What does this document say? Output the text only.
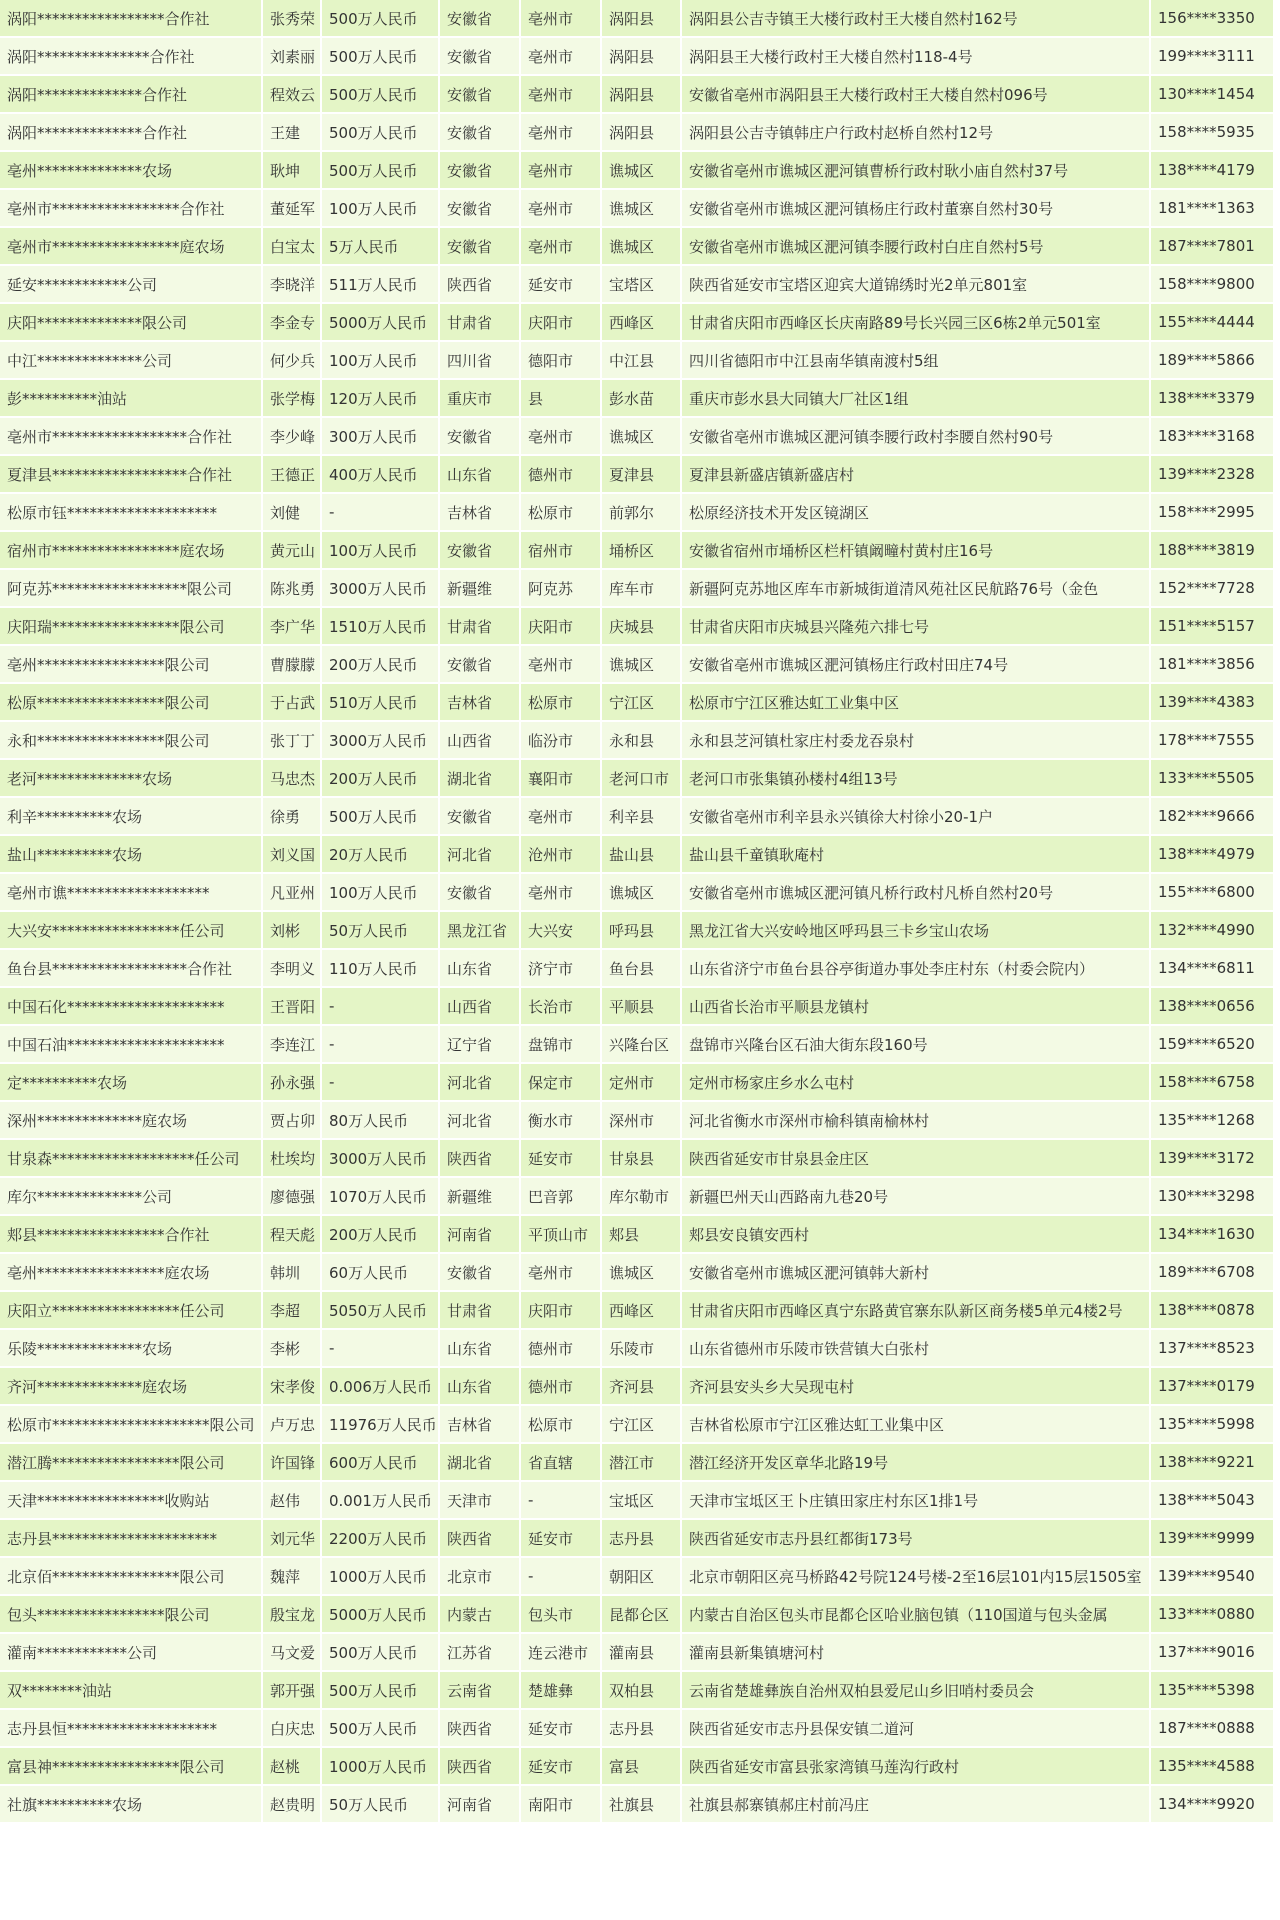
涡阳*****************合作社	张秀荣	500万人民币	安徽省	亳州市	涡阳县	涡阳县公吉寺镇王大楼行政村王大楼自然村162号	156****3350
涡阳***************合作社	刘素丽	500万人民币	安徽省	亳州市	涡阳县	涡阳县王大楼行政村王大楼自然村118-4号	199****3111
涡阳**************合作社	程效云	500万人民币	安徽省	亳州市	涡阳县	安徽省亳州市涡阳县王大楼行政村王大楼自然村096号	130****1454
涡阳**************合作社	王建	500万人民币	安徽省	亳州市	涡阳县	涡阳县公吉寺镇韩庄户行政村赵桥自然村12号	158****5935
亳州**************农场	耿坤	500万人民币	安徽省	亳州市	谯城区	安徽省亳州市谯城区淝河镇曹桥行政村耿小庙自然村37号	138****4179
亳州市*****************合作社	董延军	100万人民币	安徽省	亳州市	谯城区	安徽省亳州市谯城区淝河镇杨庄行政村董寨自然村30号	181****1363
亳州市*****************庭农场	白宝太	5万人民币	安徽省	亳州市	谯城区	安徽省亳州市谯城区淝河镇李腰行政村白庄自然村5号	187****7801
延安************公司	李晓洋	511万人民币	陕西省	延安市	宝塔区	陕西省延安市宝塔区迎宾大道锦绣时光2单元801室	158****9800
庆阳**************限公司	李金专	5000万人民币	甘肃省	庆阳市	西峰区	甘肃省庆阳市西峰区长庆南路89号长兴园三区6栋2单元501室	155****4444
中江**************公司	何少兵	100万人民币	四川省	德阳市	中江县	四川省德阳市中江县南华镇南渡村5组	189****5866
彭**********油站	张学梅	120万人民币	重庆市	县	彭水苗	重庆市彭水县大同镇大厂社区1组	138****3379
亳州市******************合作社	李少峰	300万人民币	安徽省	亳州市	谯城区	安徽省亳州市谯城区淝河镇李腰行政村李腰自然村90号	183****3168
夏津县******************合作社	王德正	400万人民币	山东省	德州市	夏津县	夏津县新盛店镇新盛店村	139****2328
松原市钰********************	刘健	-	吉林省	松原市	前郭尔	松原经济技术开发区镜湖区	158****2995
宿州市*****************庭农场	黄元山	100万人民币	安徽省	宿州市	埇桥区	安徽省宿州市埇桥区栏杆镇阚疃村黄村庄16号	188****3819
阿克苏******************限公司	陈兆勇	3000万人民币	新疆维	阿克苏	库车市	新疆阿克苏地区库车市新城街道清风苑社区民航路76号（金色	152****7728
庆阳瑞*****************限公司	李广华	1510万人民币	甘肃省	庆阳市	庆城县	甘肃省庆阳市庆城县兴隆苑六排七号	151****5157
亳州*****************限公司	曹朦朦	200万人民币	安徽省	亳州市	谯城区	安徽省亳州市谯城区淝河镇杨庄行政村田庄74号	181****3856
松原*****************限公司	于占武	510万人民币	吉林省	松原市	宁江区	松原市宁江区雅达虹工业集中区	139****4383
永和*****************限公司	张丁丁	3000万人民币	山西省	临汾市	永和县	永和县芝河镇杜家庄村委龙吞泉村	178****7555
老河**************农场	马忠杰	200万人民币	湖北省	襄阳市	老河口市	老河口市张集镇孙楼村4组13号	133****5505
利辛**********农场	徐勇	500万人民币	安徽省	亳州市	利辛县	安徽省亳州市利辛县永兴镇徐大村徐小20-1户	182****9666
盐山**********农场	刘义国	20万人民币	河北省	沧州市	盐山县	盐山县千童镇耿庵村	138****4979
亳州市谯*******************	凡亚州	100万人民币	安徽省	亳州市	谯城区	安徽省亳州市谯城区淝河镇凡桥行政村凡桥自然村20号	155****6800
大兴安*****************任公司	刘彬	50万人民币	黑龙江省	大兴安	呼玛县	黑龙江省大兴安岭地区呼玛县三卡乡宝山农场	132****4990
鱼台县******************合作社	李明义	110万人民币	山东省	济宁市	鱼台县	山东省济宁市鱼台县谷亭街道办事处李庄村东（村委会院内）	134****6811
中国石化*********************	王晋阳	-	山西省	长治市	平顺县	山西省长治市平顺县龙镇村	138****0656
中国石油*********************	李连江	-	辽宁省	盘锦市	兴隆台区	盘锦市兴隆台区石油大街东段160号	159****6520
定**********农场	孙永强	-	河北省	保定市	定州市	定州市杨家庄乡水么屯村	158****6758
深州**************庭农场	贾占卯	80万人民币	河北省	衡水市	深州市	河北省衡水市深州市榆科镇南榆林村	135****1268
甘泉森*******************任公司	杜埃均	3000万人民币	陕西省	延安市	甘泉县	陕西省延安市甘泉县金庄区	139****3172
库尔**************公司	廖德强	1070万人民币	新疆维	巴音郭	库尔勒市	新疆巴州天山西路南九巷20号	130****3298
郏县*****************合作社	程天彪	200万人民币	河南省	平顶山市	郏县	郏县安良镇安西村	134****1630
亳州*****************庭农场	韩圳	60万人民币	安徽省	亳州市	谯城区	安徽省亳州市谯城区淝河镇韩大新村	189****6708
庆阳立*****************任公司	李超	5050万人民币	甘肃省	庆阳市	西峰区	甘肃省庆阳市西峰区真宁东路黄官寨东队新区商务楼5单元4楼2号	138****0878
乐陵**************农场	李彬	-	山东省	德州市	乐陵市	山东省德州市乐陵市铁营镇大白张村	137****8523
齐河**************庭农场	宋孝俊	0.006万人民币	山东省	德州市	齐河县	齐河县安头乡大吴现屯村	137****0179
松原市*********************限公司	卢万忠	11976万人民币	吉林省	松原市	宁江区	吉林省松原市宁江区雅达虹工业集中区	135****5998
潜江腾*****************限公司	许国锋	600万人民币	湖北省	省直辖	潜江市	潜江经济开发区章华北路19号	138****9221
天津*****************收购站	赵伟	0.001万人民币	天津市	-	宝坻区	天津市宝坻区王卜庄镇田家庄村东区1排1号	138****5043
志丹县**********************	刘元华	2200万人民币	陕西省	延安市	志丹县	陕西省延安市志丹县红都街173号	139****9999
北京佰*****************限公司	魏萍	1000万人民币	北京市	-	朝阳区	北京市朝阳区亮马桥路42号院124号楼-2至16层101内15层1505室	139****9540
包头*****************限公司	殷宝龙	5000万人民币	内蒙古	包头市	昆都仑区	内蒙古自治区包头市昆都仑区哈业脑包镇（110国道与包头金属	133****0880
灌南************公司	马文爱	500万人民币	江苏省	连云港市	灌南县	灌南县新集镇塘河村	137****9016
双********油站	郭开强	500万人民币	云南省	楚雄彝	双柏县	云南省楚雄彝族自治州双柏县爱尼山乡旧哨村委员会	135****5398
志丹县恒********************	白庆忠	500万人民币	陕西省	延安市	志丹县	陕西省延安市志丹县保安镇二道河	187****0888
富县神*****************限公司	赵桃	1000万人民币	陕西省	延安市	富县	陕西省延安市富县张家湾镇马莲沟行政村	135****4588
社旗**********农场	赵贵明	50万人民币	河南省	南阳市	社旗县	社旗县郝寨镇郝庄村前冯庄	134****9920
